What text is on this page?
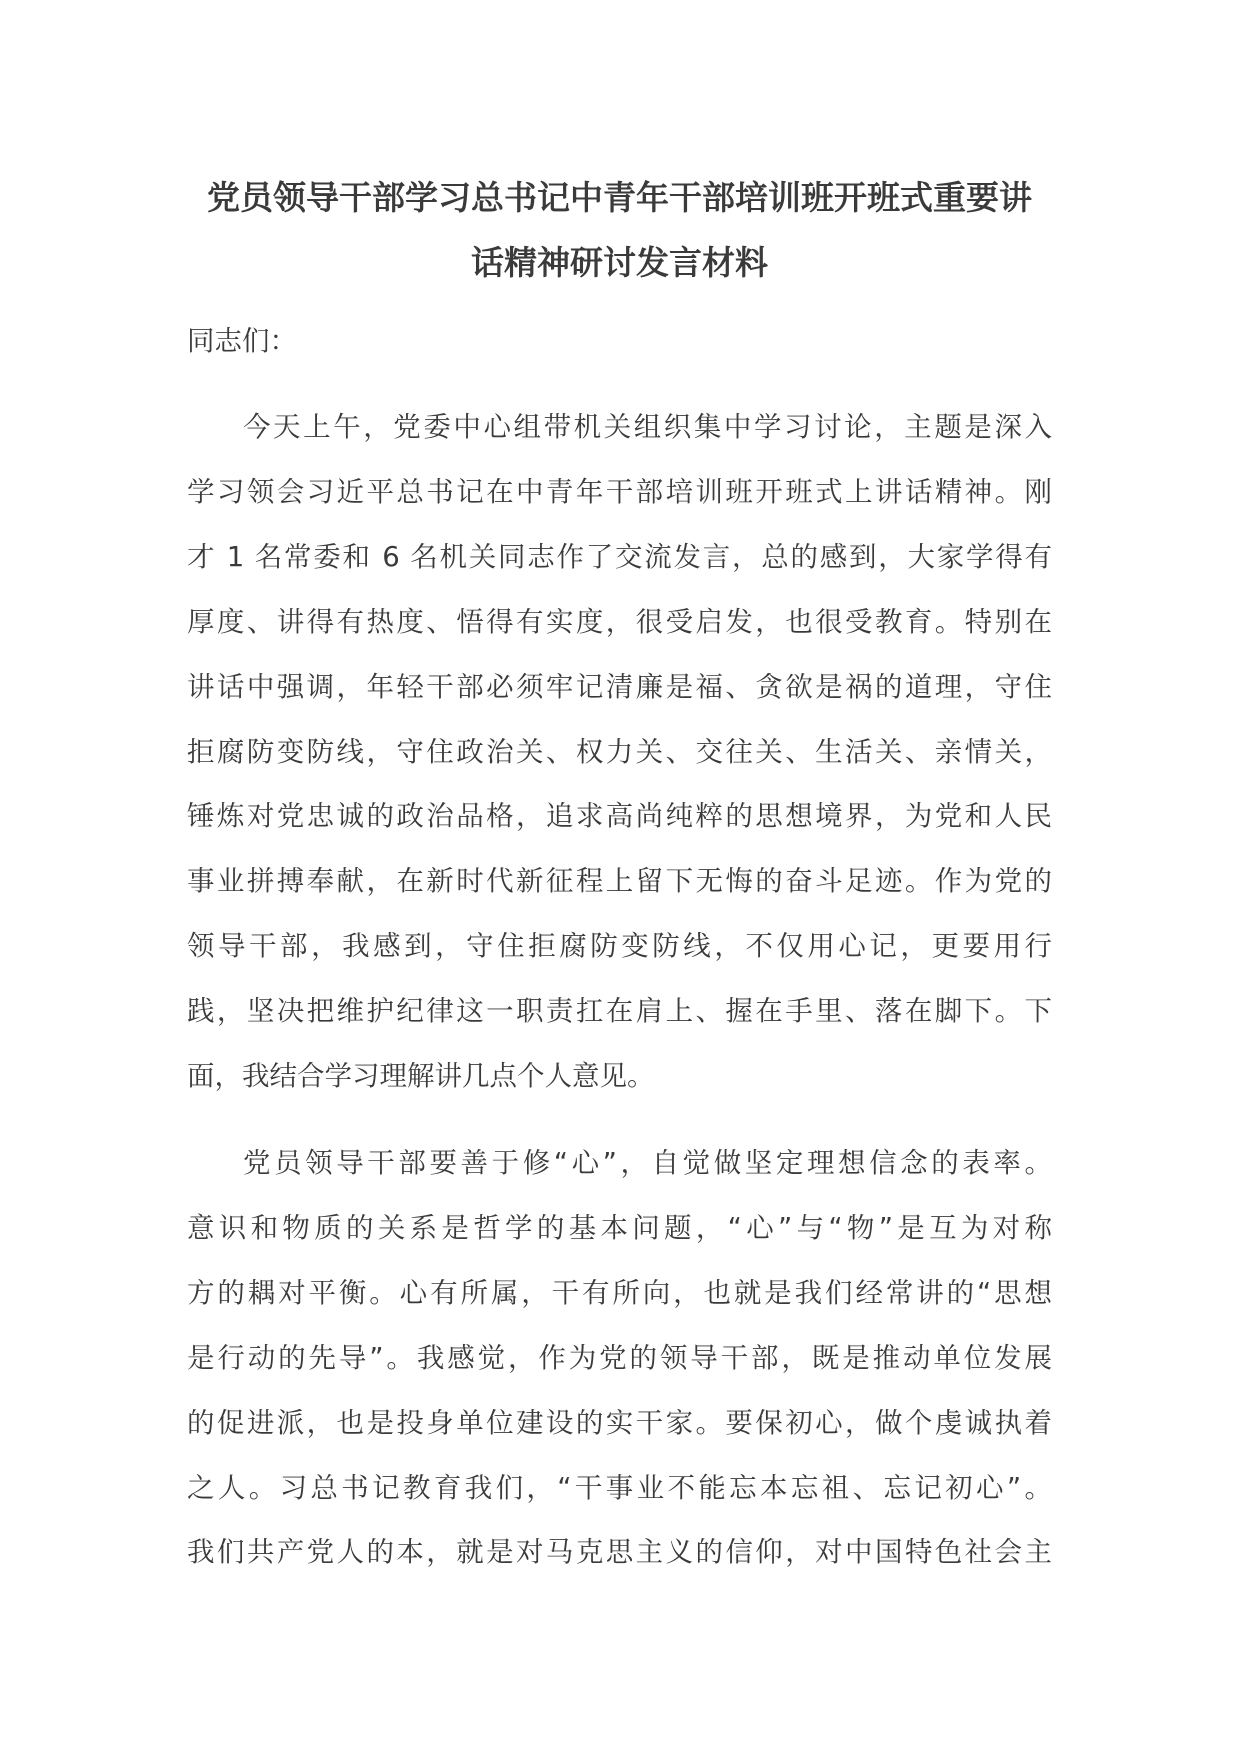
党员领导干部学习总书记中青年干部培训班开班式重要讲
话精神研讨发言材料

同志们：

今天上午，党委中心组带机关组织集中学习讨论，主题是深入
学习领会习近平总书记在中青年干部培训班开班式上讲话精神。刚
才 1 名常委和 6 名机关同志作了交流发言，总的感到，大家学得有
厚度、讲得有热度、悟得有实度，很受启发，也很受教育。特别在
讲话中强调，年轻干部必须牢记清廉是福、贪欲是祸的道理，守住
拒腐防变防线，守住政治关、权力关、交往关、生活关、亲情关，
锤炼对党忠诚的政治品格，追求高尚纯粹的思想境界，为党和人民
事业拼搏奉献，在新时代新征程上留下无悔的奋斗足迹。作为党的
领导干部，我感到，守住拒腐防变防线，不仅用心记，更要用行
践，坚决把维护纪律这一职责扛在肩上、握在手里、落在脚下。下
面，我结合学习理解讲几点个人意见。

党员领导干部要善于修“心”，自觉做坚定理想信念的表率。
意识和物质的关系是哲学的基本问题，“心”与“物”是互为对称
方的耦对平衡。心有所属，干有所向，也就是我们经常讲的“思想
是行动的先导”。我感觉，作为党的领导干部，既是推动单位发展
的促进派，也是投身单位建设的实干家。要保初心，做个虔诚执着
之人。习总书记教育我们，“干事业不能忘本忘祖、忘记初心”。
我们共产党人的本，就是对马克思主义的信仰，对中国特色社会主
